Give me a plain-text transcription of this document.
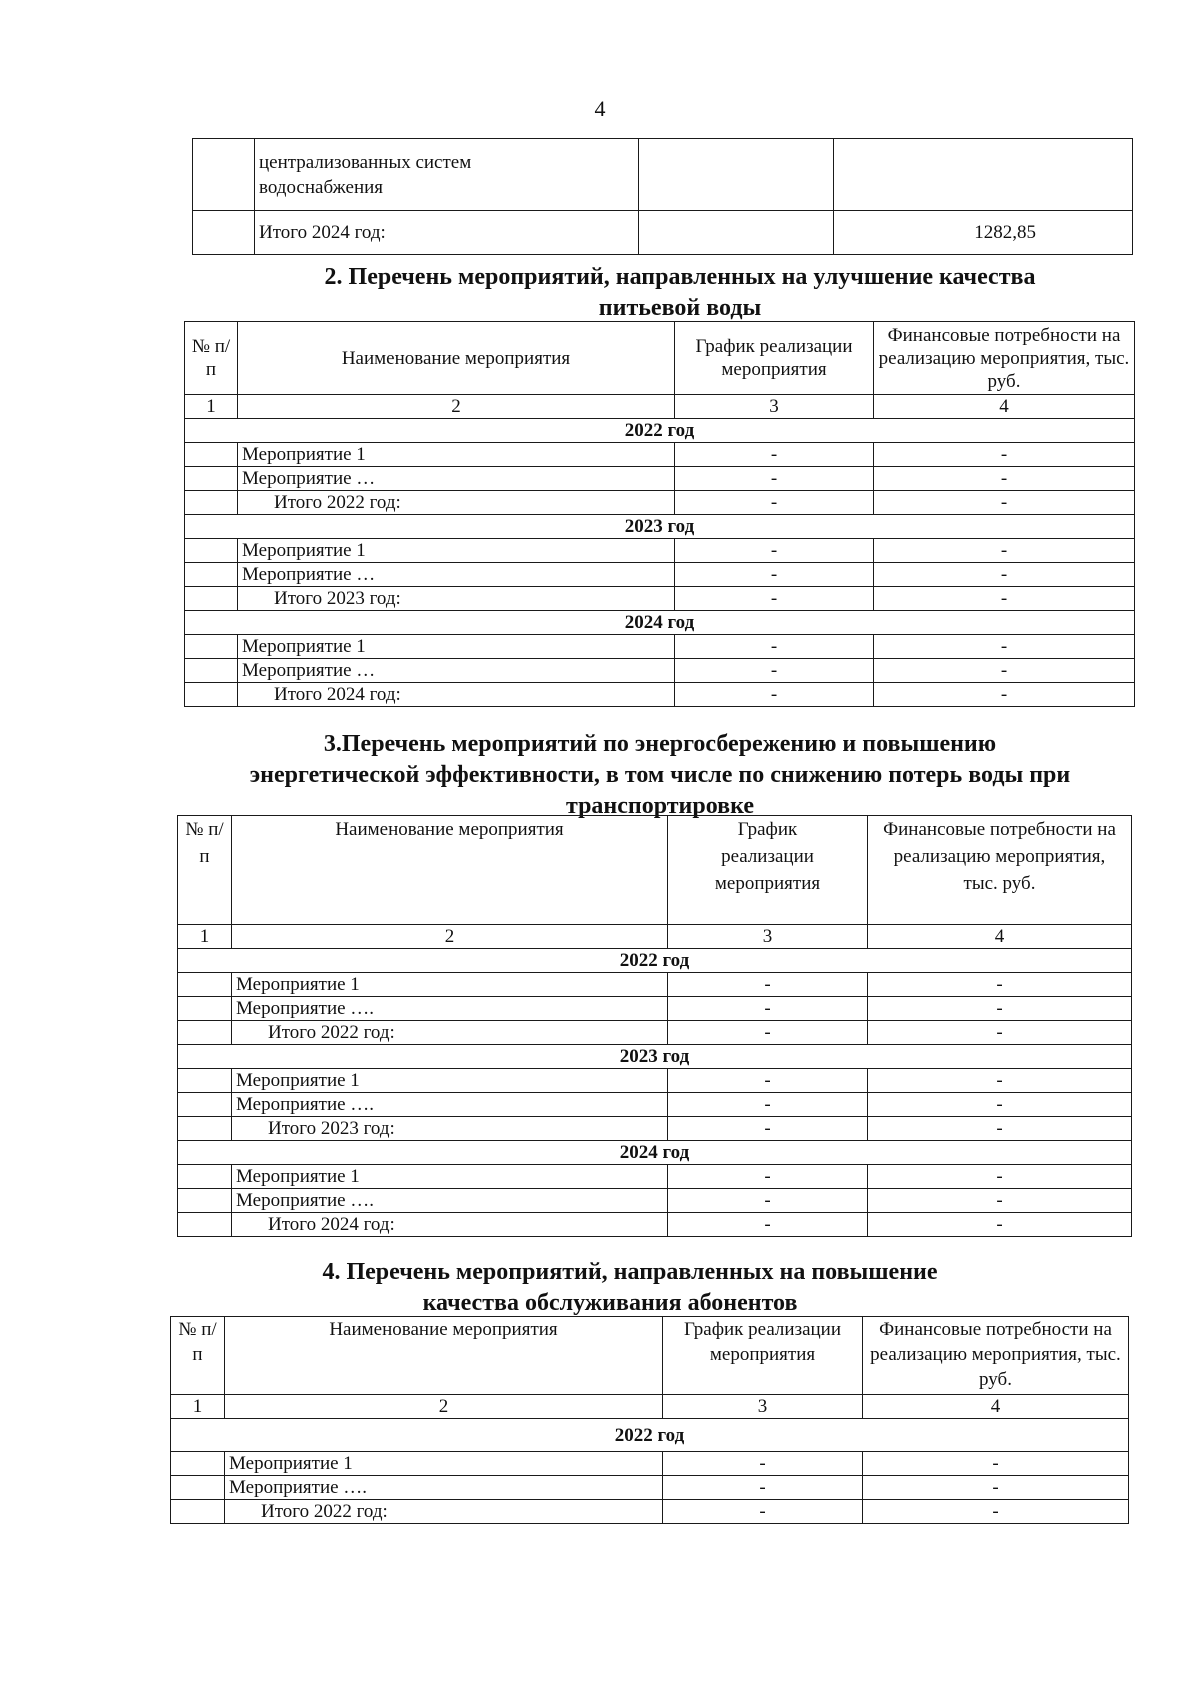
4

	централизованных систем
водоснабжения		

	Итого 2024 год:		1282,85
2. Перечень мероприятий, направленных на улучшение качества
питьевой воды
№ п/п	Наименование мероприятия	График реализации мероприятия	Финансовые потребности на реализацию мероприятия, тыс. руб.
1	2	3	4
2022 год			
	Мероприятие 1	-	-
	Мероприятие …	-	-
	Итого 2022 год:	-	-
2023 год			
	Мероприятие 1	-	-
	Мероприятие …	-	-
	Итого 2023 год:	-	-
2024 год			
	Мероприятие 1	-	-
	Мероприятие …	-	-
	Итого 2024 год:	-	-
3.Перечень мероприятий по энергосбережению и повышению
энергетической эффективности, в том числе по снижению потерь воды при
транспортировке
№ п/п	Наименование мероприятия	График реализации мероприятия	Финансовые потребности на реализацию мероприятия, тыс. руб.
1	2	3	4
2022 год			
	Мероприятие 1	-	-
	Мероприятие ….	-	-
	Итого 2022 год:	-	-
2023 год			
	Мероприятие 1	-	-
	Мероприятие ….	-	-
	Итого 2023 год:	-	-
2024 год			
	Мероприятие 1	-	-
	Мероприятие ….	-	-
	Итого 2024 год:	-	-
4. Перечень мероприятий, направленных на повышение
качества обслуживания абонентов
№ п/п	Наименование мероприятия	График реализации мероприятия	Финансовые потребности на реализацию мероприятия, тыс. руб.
1	2	3	4
2022 год			
	Мероприятие 1	-	-
	Мероприятие ….	-	-
	Итого 2022 год:	-	-
